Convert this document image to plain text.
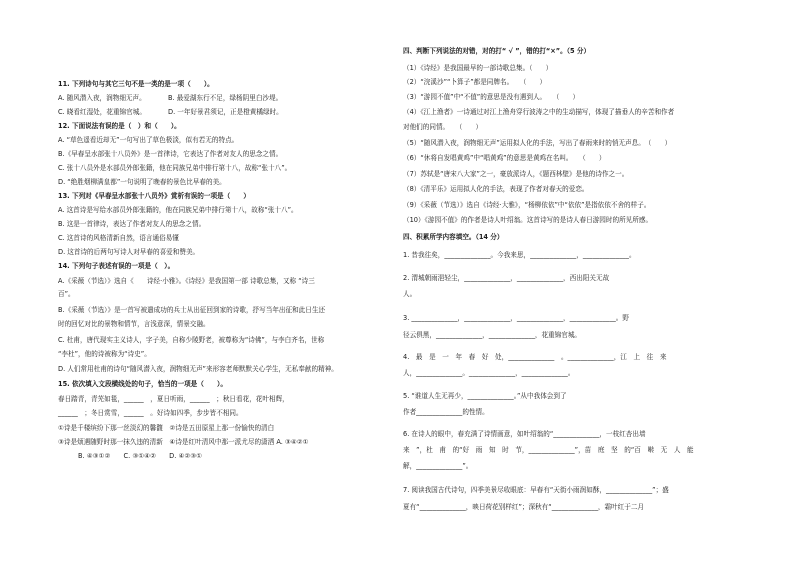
11. 下列诗句与其它三句不是一类的是一项（　　）。
A. 随风潜入夜，润物细无声。	B. 最爱湖东行不足，绿杨阴里白沙堤。
C. 晓看红湿处，花重锦官城。	D. 一年好景君须记，正是橙黄橘绿时。
12. 下面说法有误的是（　）和（　　）。
A. “草色遥看近却无”一句写出了草色极淡，似有若无的特点。
B.《早春呈水部张十八员外》是一首律诗，它表达了作者对友人的思念之情。
C. 张十八员外是水部员外郎张籍，他在同族兄弟中排行第十八，故称“张十八”。
D. “绝胜烟柳满皇都”一句说明了晚春的景色比早春的美。
13. 下列对《早春呈水部张十八员外》赏析有误的一项是（　　）
A. 这首诗是写给水部员外郎张籍的，他在同族兄弟中排行第十八，故称“张十八”。
B. 这是一首律诗，表达了作者对友人的思念之情。
C. 这首诗的风格清新自然，语言通俗易懂
D. 这首诗的后两句写诗人对早春的喜爱和赞美。
14. 下列句子表述有误的一项是（　）。
A.《采薇（节选）》选自《　　诗经·小雅》。《诗经》是我国第一部 诗歌总集，又称 “诗三
百”。
B.《采薇（节选）》是一首写被遣成功的兵士从出征回到家的诗歌，抒写当年出征和此日生还
时的回忆对比的景物和情节，言浅意深，情景交融。
C. 杜甫，唐代现实主义诗人，字子美，自称少陵野老，被尊称为“诗佛”，与李白齐名，世称
“李杜”，他的诗被称为“诗史”。
D. 人们常用杜甫的诗句“随风潜入夜，润物细无声”来形容老师默默关心学生，无私奉献的精神。
15. 依次填入文段横线处的句子，恰当的一项是（　　）。
春日踏青，青芜如毯，______　，夏日听雨，______　；秋日看花，花叶相辉，
______　；冬日赏雪，______　。好诗如四季，步步皆不相同。
①诗是千楼缤纷下那一丝淡幻的馨馥　②诗是五田原星上那一份愉快的清白
③诗是烦遇随野时那一抹久违的清新　④诗是红叶清风中那一派尤尽的潇洒 A. ③④②①
B. ④③①②　　C. ③①④②　　D. ④②③①
四、判断下列说法的对错，对的打“ √ ”，错的打“×”。（5 分）
（1）《诗经》是我国最早的一部诗歌总集。（　　）
（2）“浣溪沙”“卜算子”都是同牌名。　　（　　）
（3）“游园不值”中“不值”的意思是没有遇到人。　　（　　）
（4）《江上渔者》一诗通过对江上渔舟穿行波涛之中的生动描写，体现了描垂人的辛苦和作者
对他们的同情。　　（　　）
（5）“随风潜入夜，润物细无声”运用拟人化的手法，写出了春雨来时的悄无声息。　（　　）
（6）“休将自发唱黄鸡”中“唱黄鸡”的意思是黄鸡在名叫。　　（　　）
（7）苏轼是“唐宋八大家”之一，豪放派诗人，《题西林壁》是他的诗作之一。
（8）《清平乐》运用拟人化的手法，表现了作者对春天的爱恋。
（9）《采薇（节选）》选自《诗经·大雅》，“杨柳依依”中“依依”是指依依不舍的样子。
（10）《游园不值》的作者是诗人叶绍翁。这首诗写的是诗人春日游园时的所见所感。
四、积累所学内容填空。（14 分）
1. 昔我往矣，______________。今我来思，______________，______________。
2. 渭城朝雨浥轻尘，______________，______________，西出阳关无故
人。
3. ______________，______________，______________，______________。野
径云俱黑，______________，______________，花重锦官城。
4.　最　是　一　年　春　好　处，______________　。______________，江　上　往　来
人，______________。______________，______________。
5. “谁道人生无再少，______________。”从中我体会到了
作者______________的性情。
6. 在诗人的眼中，春充满了诗情画意，如叶绍翁的“______________，一枝红杏出墙
来　”，杜　甫　的“好　雨　知　时　节，______________”，苗　庭　坚　的“百　啭　无　人　能
解，______________”。
7. 阅读我国古代诗句，四季美景尽收眼底：早春有“天街小雨润如酥，______________”；盛
夏有“______________，映日荷花别样红”；深秋有“______________，霜叶红于二月
